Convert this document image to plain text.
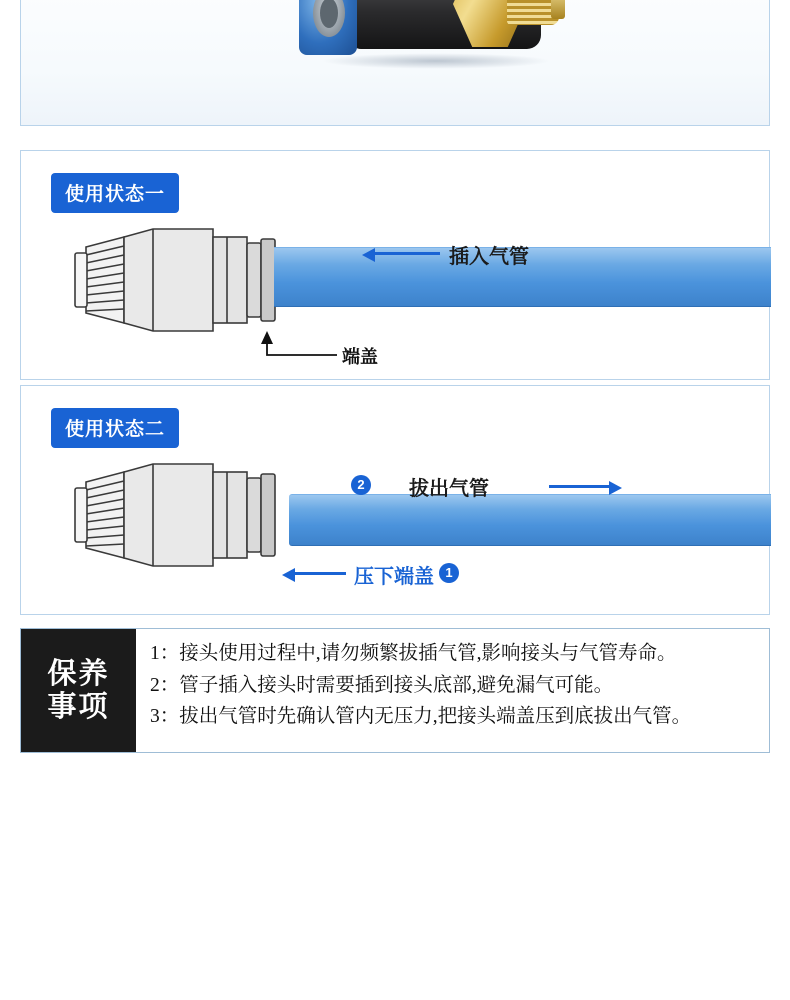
使用状态一
插入气管
端盖
使用状态二
2	拔出气管
压下端盖 1
保养
事项
1：接头使用过程中,请勿频繁拔插气管,影响接头与气管寿命。
2：管子插入接头时需要插到接头底部,避免漏气可能。
3：拔出气管时先确认管内无压力,把接头端盖压到底拔出气管。
